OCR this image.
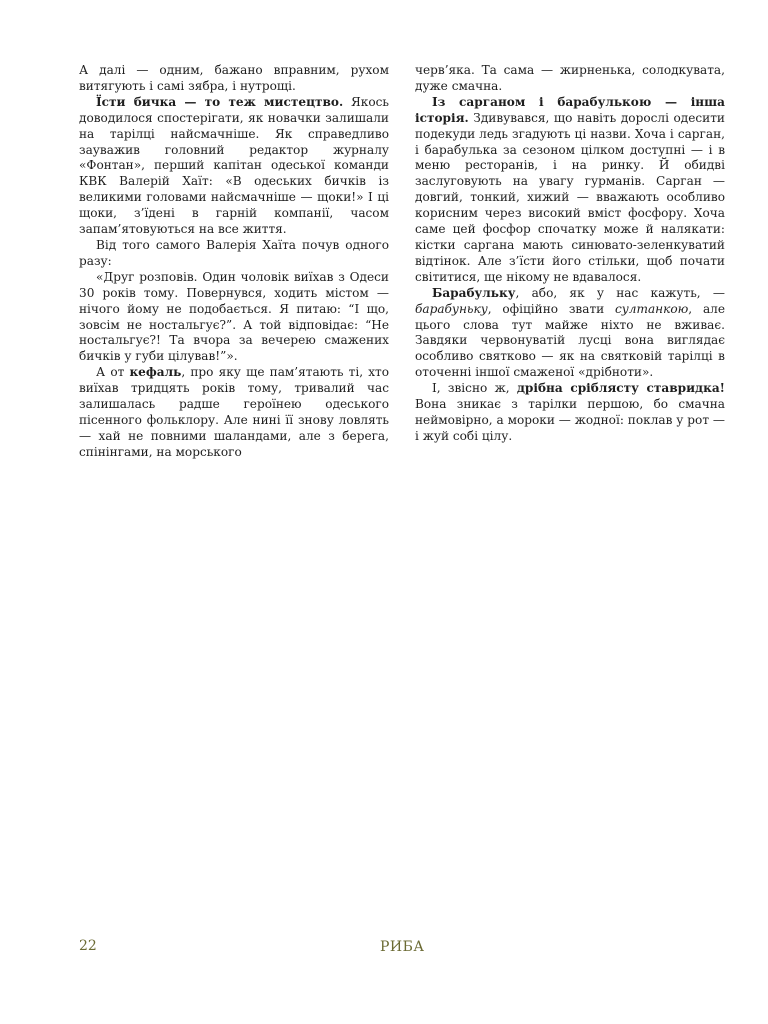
А далі — одним, бажано вправним, рухом витягують і самі зябра, і нутрощі.

Їсти бичка — то теж мистецтво. Якось доводилося спостерігати, як новачки залишали на тарілці найсмачніше. Як справедливо зауважив головний редактор журналу «Фонтан», перший капітан одеської команди КВК Валерій Хаїт: «В одеських бичків із великими головами найсмачніше — щоки!» І ці щоки, з’їдені в гарній компанії, часом запам’ятовуються на все життя.

Від того самого Валерія Хаїта почув одного разу:

«Друг розповів. Один чоловік виїхав з Одеси 30 років тому. Повернувся, ходить містом — нічого йому не подобається. Я питаю: “І що, зовсім не ностальгує?”. А той відповідає: “Не ностальгує?! Та вчора за вечерею смажених бичків у губи цілував!”».

А от кефаль, про яку ще пам’ятають ті, хто виїхав тридцять років тому, тривалий час залишалась радше героїнею одеського пісенного фольклору. Але нині її знову ловлять — хай не повними шаландами, але з берега, спінінгами, на морського

черв’яка. Та сама — жирненька, солодкувата, дуже смачна.

Із сарганом і барабулькою — інша історія. Здивувався, що навіть дорослі одесити подекуди ледь згадують ці назви. Хоча і сарган, і барабулька за сезоном цілком доступні — і в меню ресторанів, і на ринку. Й обидві заслуговують на увагу гурманів. Сарган — довгий, тонкий, хижий — вважають особливо корисним через високий вміст фосфору. Хоча саме цей фосфор спочатку може й налякати: кістки саргана мають синювато-зеленкуватий відтінок. Але з’їсти його стільки, щоб почати світитися, ще нікому не вдавалося.

Барабульку, або, як у нас кажуть, — барабуньку, офіційно звати султанкою, але цього слова тут майже ніхто не вживає. Завдяки червонуватій лусці вона виглядає особливо святково — як на святковій тарілці в оточенні іншої смаженої «дрібноти».

І, звісно ж, дрібна сріблясту ставридка! Вона зникає з тарілки першою, бо смачна неймовірно, а мороки — жодної: поклав у рот — і жуй собі цілу.

22	РИБА
